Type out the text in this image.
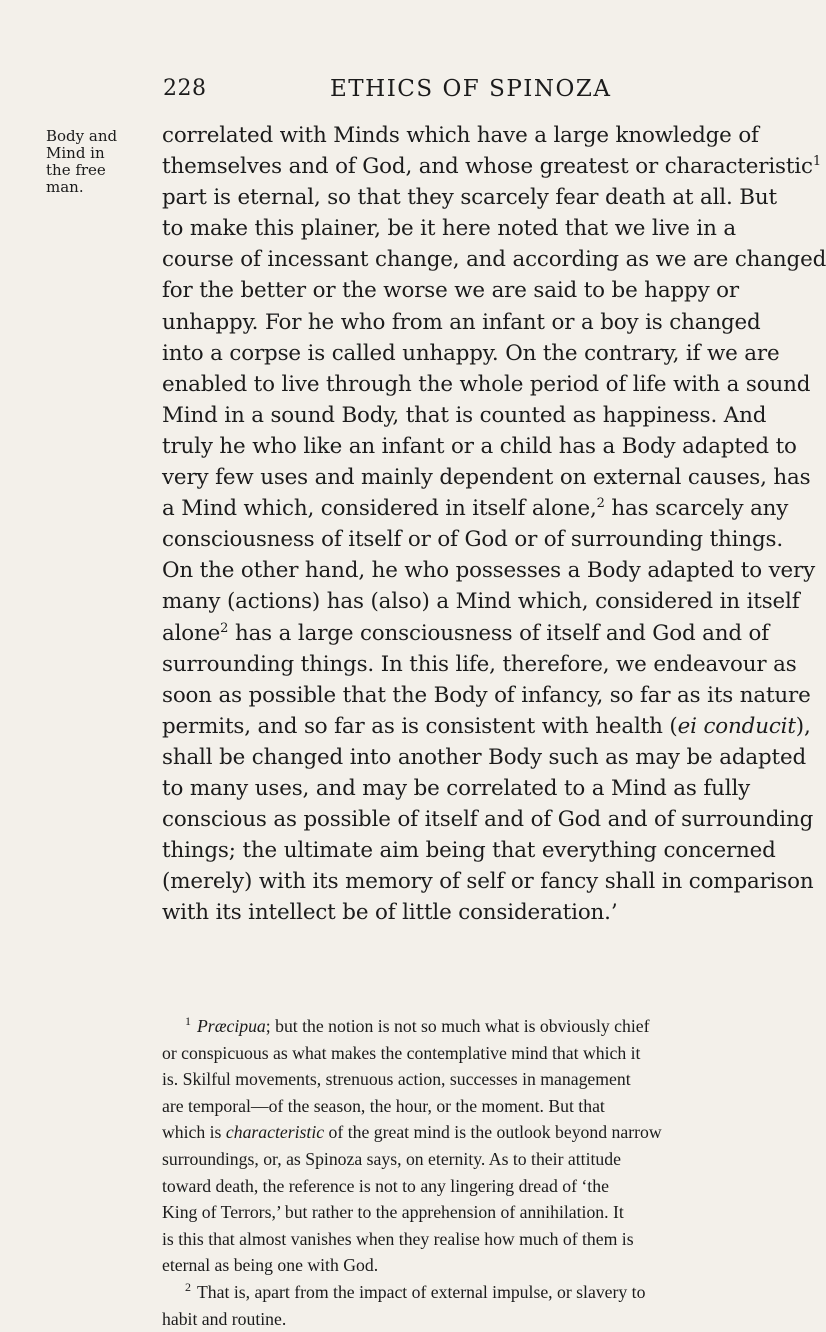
228	ETHICS OF SPINOZA
Body and
Mind in
the free
man.
correlated with Minds which have a large knowledge of
themselves and of God, and whose greatest or characteristic$^1$
part is eternal, so that they scarcely fear death at all. But
to make this plainer, be it here noted that we live in a
course of incessant change, and according as we are changed
for the better or the worse we are said to be happy or
unhappy. For he who from an infant or a boy is changed
into a corpse is called unhappy. On the contrary, if we are
enabled to live through the whole period of life with a sound
Mind in a sound Body, that is counted as happiness. And
truly he who like an infant or a child has a Body adapted to
very few uses and mainly dependent on external causes, has
a Mind which, considered in itself alone,$^2$ has scarcely any
consciousness of itself or of God or of surrounding things.
On the other hand, he who possesses a Body adapted to very
many (actions) has (also) a Mind which, considered in itself
alone$^2$ has a large consciousness of itself and God and of
surrounding things. In this life, therefore, we endeavour as
soon as possible that the Body of infancy, so far as its nature
permits, and so far as is consistent with health (ei conducit),
shall be changed into another Body such as may be adapted
to many uses, and may be correlated to a Mind as fully
conscious as possible of itself and of God and of surrounding
things; the ultimate aim being that everything concerned
(merely) with its memory of self or fancy shall in comparison
with its intellect be of little consideration.’
$^1$ Præcipua; but the notion is not so much what is obviously chief
or conspicuous as what makes the contemplative mind that which it
is. Skilful movements, strenuous action, successes in management
are temporal—of the season, the hour, or the moment. But that
which is characteristic of the great mind is the outlook beyond narrow
surroundings, or, as Spinoza says, on eternity. As to their attitude
toward death, the reference is not to any lingering dread of ‘the
King of Terrors,’ but rather to the apprehension of annihilation. It
is this that almost vanishes when they realise how much of them is
eternal as being one with God.
$^2$ That is, apart from the impact of external impulse, or slavery to
habit and routine.
